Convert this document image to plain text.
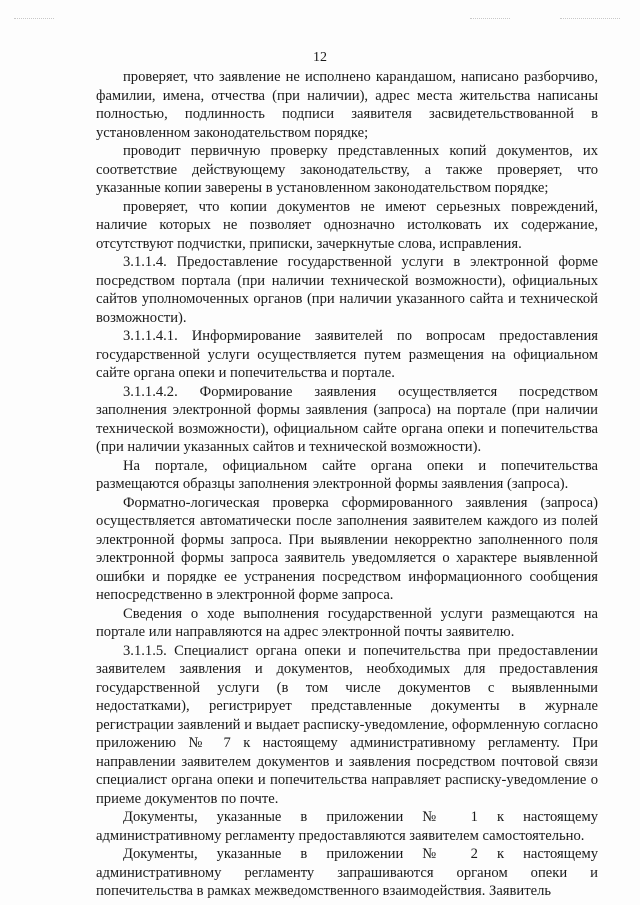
12

проверяет, что заявление не исполнено карандашом, написано разборчиво, фамилии, имена, отчества (при наличии), адрес места жительства написаны полностью, подлинность подписи заявителя засвидетельствованной в установленном законодательством порядке;

проводит первичную проверку представленных копий документов, их соответствие действующему законодательству, а также проверяет, что указанные копии заверены в установленном законодательством порядке;

проверяет, что копии документов не имеют серьезных повреждений, наличие которых не позволяет однозначно истолковать их содержание, отсутствуют подчистки, приписки, зачеркнутые слова, исправления.

3.1.1.4. Предоставление государственной услуги в электронной форме посредством портала (при наличии технической возможности), официальных сайтов уполномоченных органов (при наличии указанного сайта и технической возможности).

3.1.1.4.1. Информирование заявителей по вопросам предоставления государственной услуги осуществляется путем размещения на официальном сайте органа опеки и попечительства и портале.

3.1.1.4.2. Формирование заявления осуществляется посредством заполнения электронной формы заявления (запроса) на портале (при наличии технической возможности), официальном сайте органа опеки и попечительства (при наличии указанных сайтов и технической возможности).

На портале, официальном сайте органа опеки и попечительства размещаются образцы заполнения электронной формы заявления (запроса).

Форматно-логическая проверка сформированного заявления (запроса) осуществляется автоматически после заполнения заявителем каждого из полей электронной формы запроса. При выявлении некорректно заполненного поля электронной формы запроса заявитель уведомляется о характере выявленной ошибки и порядке ее устранения посредством информационного сообщения непосредственно в электронной форме запроса.

Сведения о ходе выполнения государственной услуги размещаются на портале или направляются на адрес электронной почты заявителю.

3.1.1.5. Специалист органа опеки и попечительства при предоставлении заявителем заявления и документов, необходимых для предоставления государственной услуги (в том числе документов с выявленными недостатками), регистрирует представленные документы в журнале регистрации заявлений и выдает расписку-уведомление, оформленную согласно приложению № 7 к настоящему административному регламенту. При направлении заявителем документов и заявления посредством почтовой связи специалист органа опеки и попечительства направляет расписку-уведомление о приеме документов по почте.

Документы, указанные в приложении № 1 к настоящему административному регламенту предоставляются заявителем самостоятельно.

Документы, указанные в приложении № 2 к настоящему административному регламенту запрашиваются органом опеки и попечительства в рамках межведомственного взаимодействия. Заявитель
